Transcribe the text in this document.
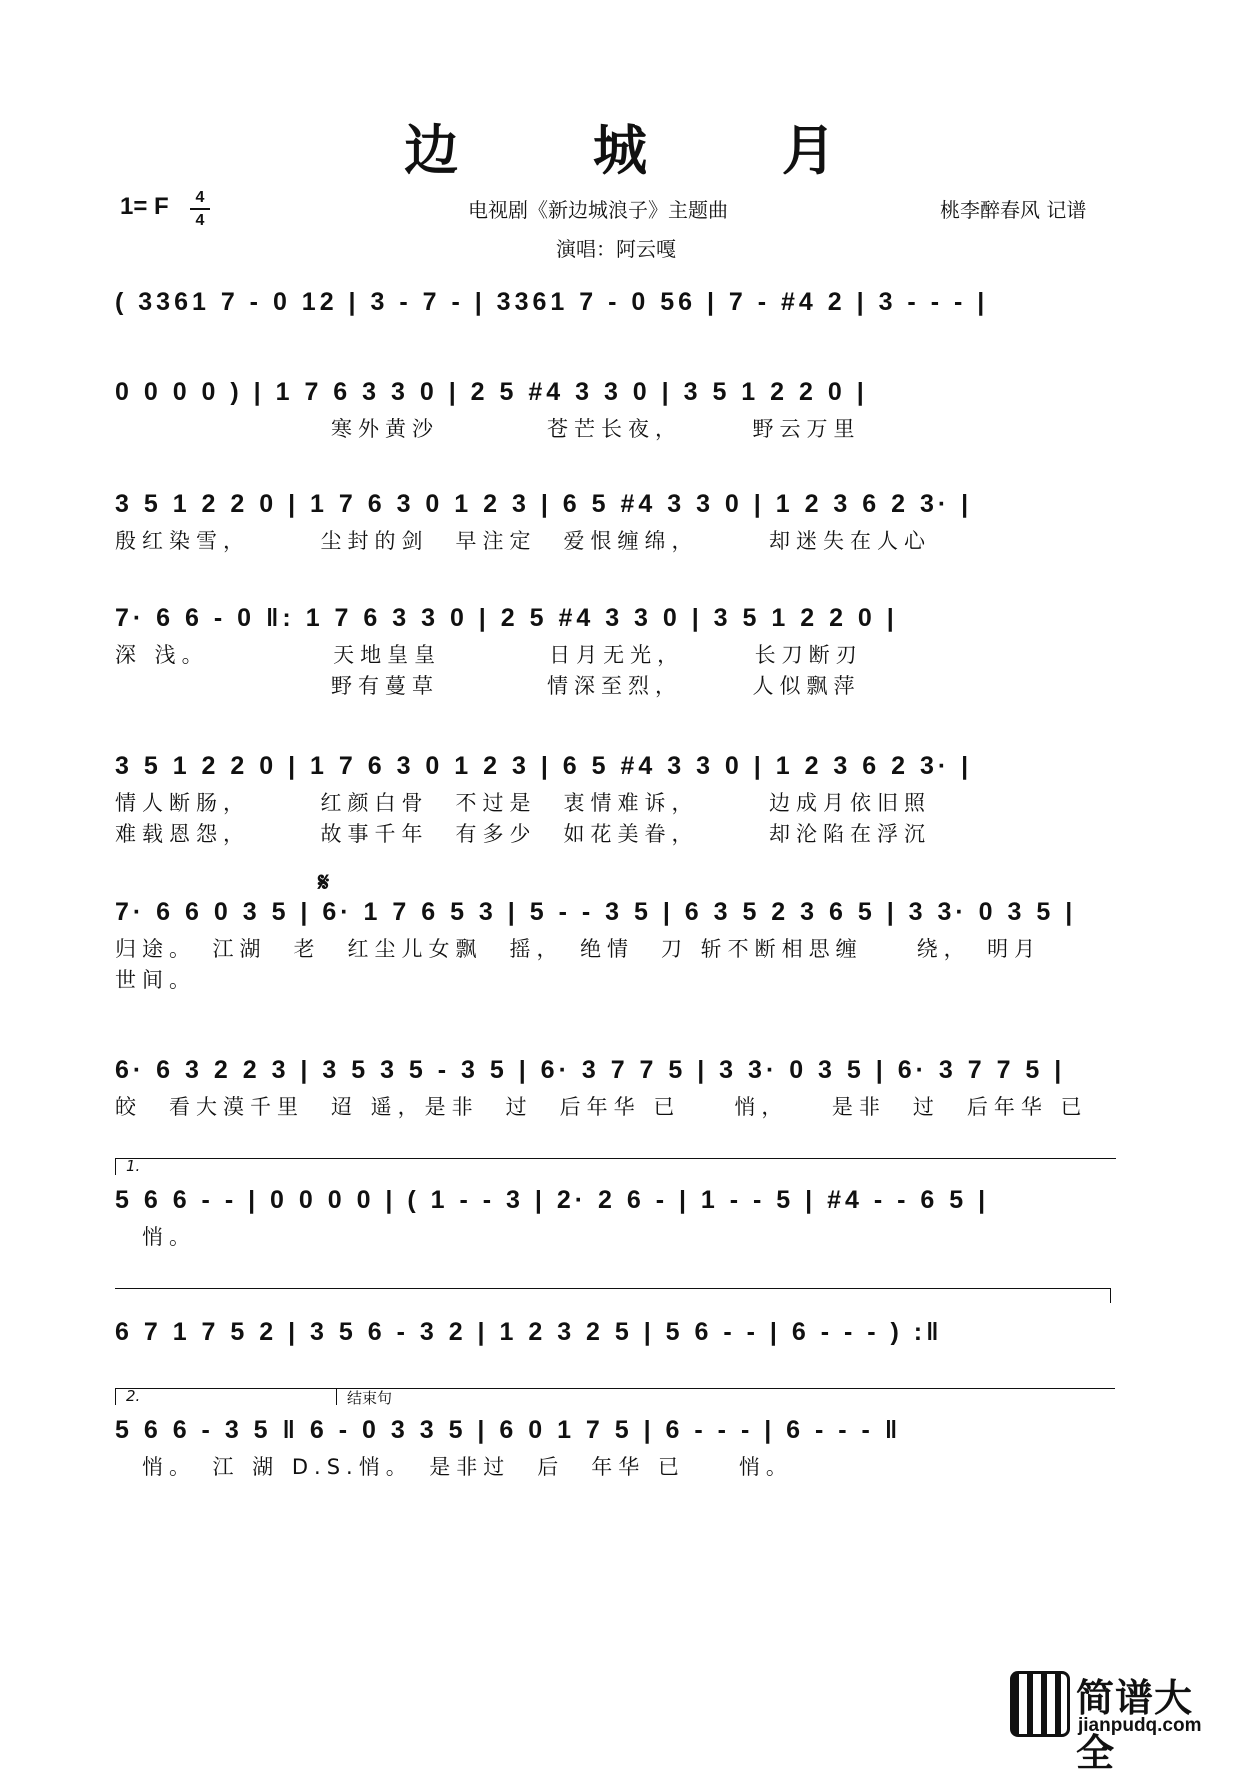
边 城 月
1= F	4
4	电视剧《新边城浪子》主题曲	桃李醉春风 记谱
演唱：阿云嘎
𝄋
( 3361 7 - 0 12 | 3 - 7 - | 3361 7 - 0 56 | 7 - #4 2 | 3 - - - |
0 0 0 0 ) | 1 7 6 3 3 0 | 2 5 #4 3 3 0 | 3 5 1 2 2 0 |
　　　　　　　　寒外黄沙　　　　苍芒长夜，　　　野云万里
3 5 1 2 2 0 | 1 7 6 3 0 1 2 3 | 6 5 #4 3 3 0 | 1 2 3 6 2 3· |
殷红染雪，　　　尘封的剑　早注定　爱恨缠绵，　　　却迷失在人心
7· 6 6 - 0 ‖: 1 7 6 3 3 0 | 2 5 #4 3 3 0 | 3 5 1 2 2 0 |
深 浅。　　　　　天地皇皇　　　　日月无光，　　　长刀断刃
　　　　　　　　野有蔓草　　　　情深至烈，　　　人似飘萍
3 5 1 2 2 0 | 1 7 6 3 0 1 2 3 | 6 5 #4 3 3 0 | 1 2 3 6 2 3· |
情人断肠，　　　红颜白骨　不过是　衷情难诉，　　　边成月依旧照
难载恩怨，　　　故事千年　有多少　如花美眷，　　　却沦陷在浮沉
7· 6 6 0 3 5 | 6· 1 7 6 5 3 | 5 - - 3 5 | 6 3 5 2 3 6 5 | 3 3· 0 3 5 |
归途。　江湖　老　红尘儿女飘　摇，　绝情　刀 斩不断相思缠　　绕，　明月
世间。
6· 6 3 2 2 3 | 3 5 3 5 - 3 5 | 6· 3 7 7 5 | 3 3· 0 3 5 | 6· 3 7 7 5 |
皎　看大漠千里　迢 遥，是非　过　后年华 已　　悄，　　是非　过　后年华 已
1.
5 6 6 - - | 0 0 0 0 | ( 1 - - 3 | 2· 2 6 - | 1 - - 5 | #4 - - 6 5 |
　悄。
6 7 1 7 5 2 | 3 5 6 - 3 2 | 1 2 3 2 5 | 5 6 - - | 6 - - - ) :‖
2.	结束句
5 6 6 - 3 5 ‖ 6 - 0 3 3 5 | 6 0 1 7 5 | 6 - - - | 6 - - - ‖
　悄。　江 湖 D.S.悄。　是非过　后　年华 已　　悄。
简谱大全
jianpudq.com
